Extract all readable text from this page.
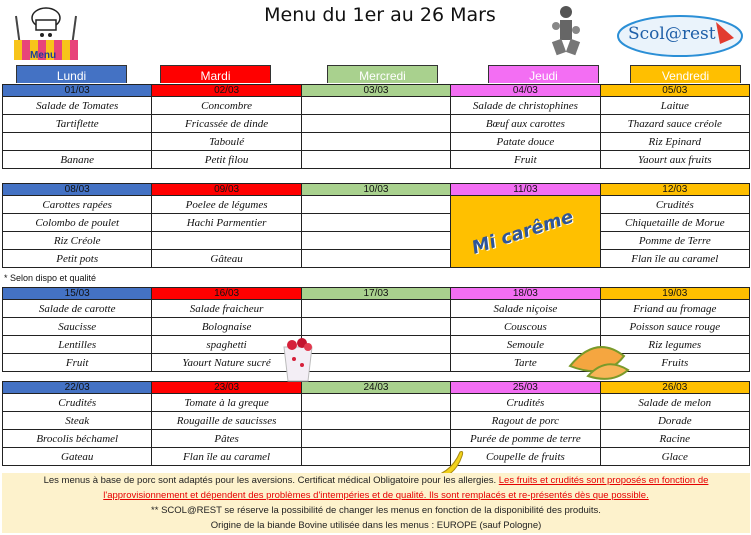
Menu du 1er au 26 Mars
Menu
Scol@rest
Lundi	Mardi	Mercredi	Jeudi	Vendredi
01/03	02/03	03/03	04/03	05/03
Salade de Tomates	Concombre		Salade de christophines	Laitue
Tartiflette	Fricassée de dinde		Bœuf aux carottes	Thazard sauce créole
	Taboulé		Patate douce	Riz Epinard
Banane	Petit filou		Fruit	Yaourt aux fruits
08/03	09/03	10/03	11/03	12/03
Carottes rapées	Poelee de légumes			Crudités
Colombo de poulet	Hachi Parmentier			Chiquetaille de Morue
Riz Créole				Pomme de Terre
Petit pots	Gâteau			Flan île au caramel
Mi carême
* Selon dispo et qualité
15/03	16/03	17/03	18/03	19/03
Salade de carotte	Salade fraicheur		Salade niçoise	Friand au fromage
Saucisse	Bolognaise		Couscous	Poisson sauce rouge
Lentilles	spaghetti		Semoule	Riz legumes
Fruit	Yaourt Nature sucré		Tarte	Fruits
22/03	23/03	24/03	25/03	26/03
Crudités	Tomate à la greque		Crudités	Salade de melon
Steak	Rougaille de saucisses		Ragout de porc	Dorade
Brocolis béchamel	Pâtes		Purée de pomme de terre	Racine
Gateau	Flan île au caramel		Coupelle de fruits	Glace
Les menus à base de porc sont adaptés pour les aversions. Certificat médical Obligatoire pour les allergies. Les fruits et crudités sont proposés en fonction de
l'approvisionnement et dépendent des problèmes d'intempéries et de qualité. Ils sont remplacés et re-présentés dès que possible.
** SCOL@REST se réserve la possibilité de changer les menus en fonction de la disponibilité des produits.
Origine de la biande Bovine utilisée dans les menus : EUROPE (sauf Pologne)
